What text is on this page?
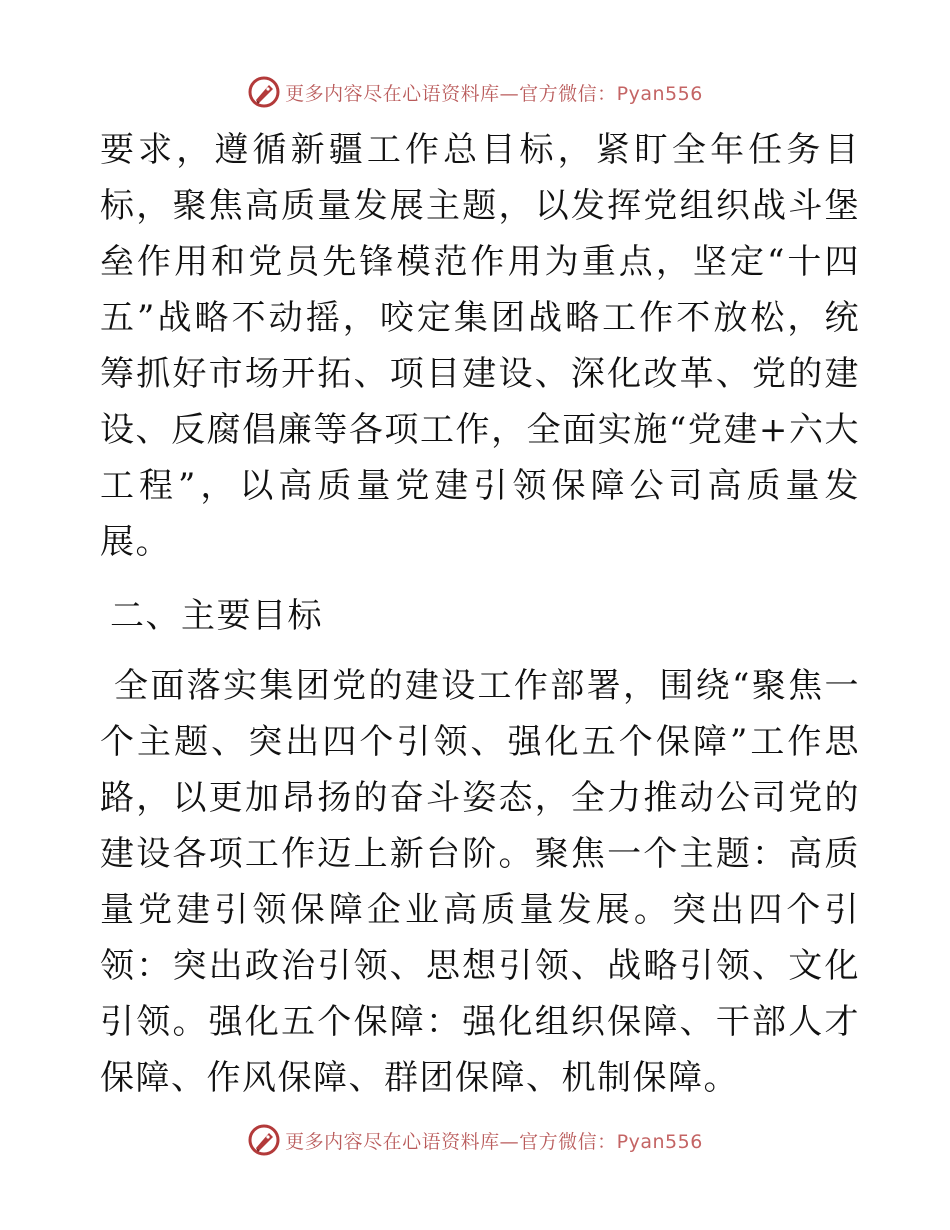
更多内容尽在心语资料库—官方微信：Pyan556

要求，遵循新疆工作总目标，紧盯全年任务目标，聚焦高质量发展主题，以发挥党组织战斗堡垒作用和党员先锋模范作用为重点，坚定“十四五”战略不动摇，咬定集团战略工作不放松，统筹抓好市场开拓、项目建设、深化改革、党的建设、反腐倡廉等各项工作，全面实施“党建+六大工程”，以高质量党建引领保障公司高质量发展。

二、主要目标

全面落实集团党的建设工作部署，围绕“聚焦一个主题、突出四个引领、强化五个保障”工作思路，以更加昂扬的奋斗姿态，全力推动公司党的建设各项工作迈上新台阶。聚焦一个主题：高质量党建引领保障企业高质量发展。突出四个引领：突出政治引领、思想引领、战略引领、文化引领。强化五个保障：强化组织保障、干部人才保障、作风保障、群团保障、机制保障。

更多内容尽在心语资料库—官方微信：Pyan556
